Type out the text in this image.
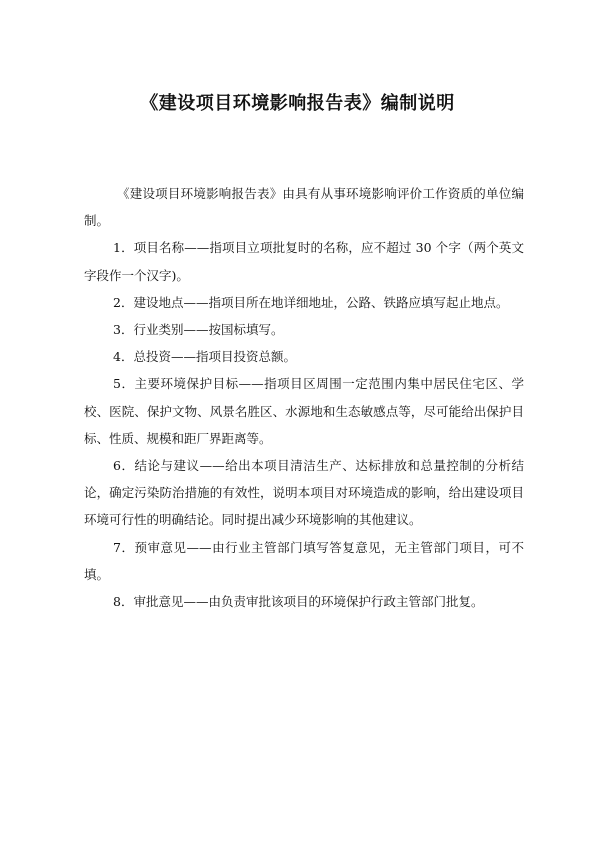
《建设项目环境影响报告表》编制说明

《建设项目环境影响报告表》由具有从事环境影响评价工作资质的单位编制。

1．项目名称——指项目立项批复时的名称，应不超过 30 个字（两个英文字段作一个汉字)。

2．建设地点——指项目所在地详细地址，公路、铁路应填写起止地点。

3．行业类别——按国标填写。

4．总投资——指项目投资总额。

5．主要环境保护目标——指项目区周围一定范围内集中居民住宅区、学校、医院、保护文物、风景名胜区、水源地和生态敏感点等，尽可能给出保护目标、性质、规模和距厂界距离等。

6．结论与建议——给出本项目清洁生产、达标排放和总量控制的分析结论，确定污染防治措施的有效性，说明本项目对环境造成的影响，给出建设项目环境可行性的明确结论。同时提出减少环境影响的其他建议。

7．预审意见——由行业主管部门填写答复意见，无主管部门项目，可不填。

8．审批意见——由负责审批该项目的环境保护行政主管部门批复。
